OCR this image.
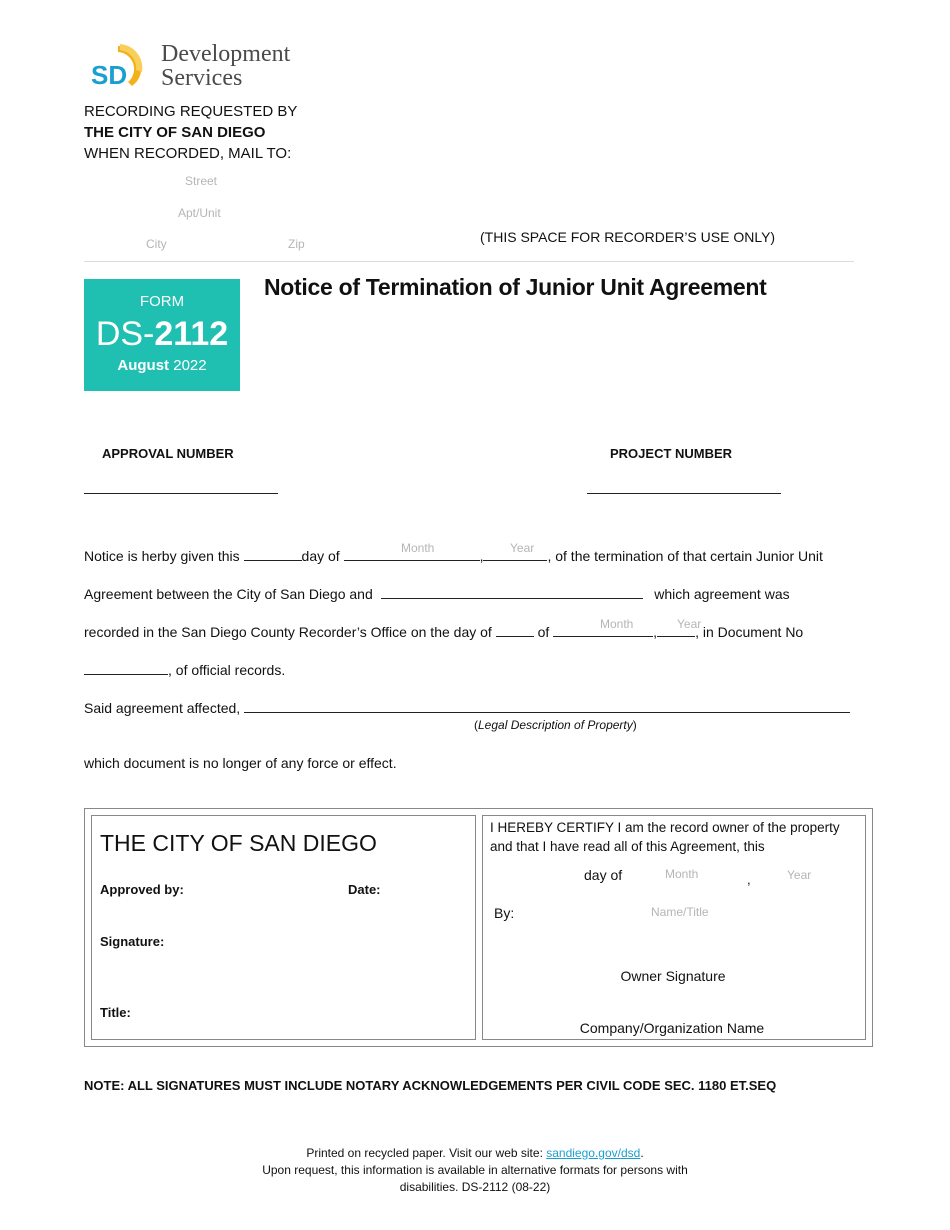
SD
Development
Services
RECORDING REQUESTED BY
THE CITY OF SAN DIEGO
WHEN RECORDED, MAIL TO:
Street
Apt/Unit
City	Zip	(THIS SPACE FOR RECORDER’S USE ONLY)
FORM
DS-2112
August 2022
Notice of Termination of Junior Unit Agreement
APPROVAL NUMBER	PROJECT NUMBER
Month	Year
Notice is herby given this	day of	,	, of the termination of that certain Junior Unit
Agreement between the City of San Diego and	which agreement was
Month	Year
recorded in the San Diego County Recorder’s Office on the day of	of	,	, in Document No
, of official records.
Said agreement affected,
(Legal Description of Property)
which document is no longer of any force or effect.
THE CITY OF SAN DIEGO
Approved by:	Date:
Signature:
Title:
I HEREBY CERTIFY I am the record owner of the property and that I have read all of this Agreement, this
day of	Month	,	Year
By:	Name/Title
Owner Signature
Company/Organization Name
NOTE: ALL SIGNATURES MUST INCLUDE NOTARY ACKNOWLEDGEMENTS PER CIVIL CODE SEC. 1180 ET.SEQ
Printed on recycled paper. Visit our web site: sandiego.gov/dsd.
Upon request, this information is available in alternative formats for persons with
disabilities. DS-2112 (08-22)
